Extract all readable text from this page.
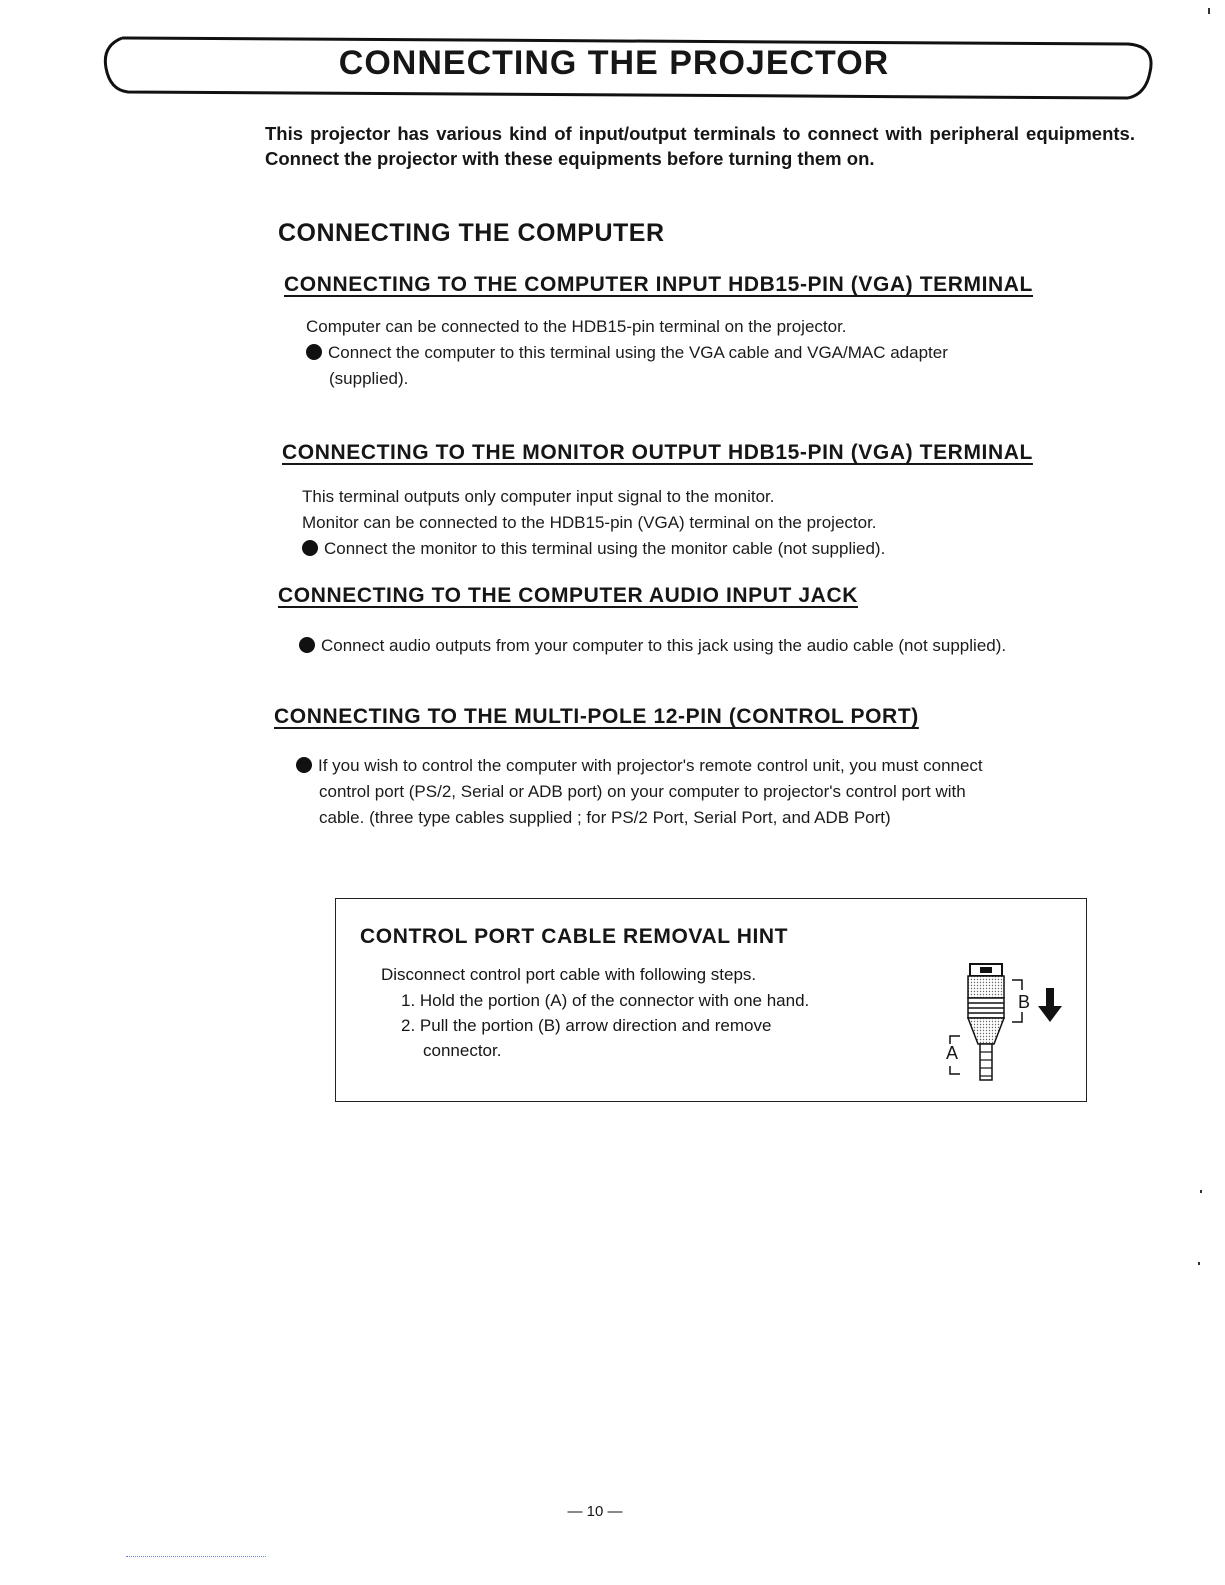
CONNECTING THE PROJECTOR

This projector has various kind of input/output terminals to connect with peripheral equipments. Connect the projector with these equipments before turning them on.

CONNECTING THE COMPUTER
CONNECTING TO THE COMPUTER INPUT HDB15-PIN (VGA) TERMINAL

Computer can be connected to the HDB15-pin terminal on the projector.

Connect the computer to this terminal using the VGA cable and VGA/MAC adapter

(supplied).

CONNECTING TO THE MONITOR OUTPUT HDB15-PIN (VGA) TERMINAL

This terminal outputs only computer input signal to the monitor.

Monitor can be connected to the HDB15-pin (VGA) terminal on the projector.

Connect the monitor to this terminal using the monitor cable (not supplied).

CONNECTING TO THE COMPUTER AUDIO INPUT JACK

Connect audio outputs from your computer to this jack using the audio cable (not supplied).

CONNECTING TO THE MULTI-POLE 12-PIN (CONTROL PORT)

If you wish to control the computer with projector's remote control unit, you must connect

control port (PS/2, Serial or ADB port) on your computer to projector's control port with

cable. (three type cables supplied ; for PS/2 Port, Serial Port, and ADB Port)

CONTROL PORT CABLE REMOVAL HINT

Disconnect control port cable with following steps.

1. Hold the portion (A) of the connector with one hand.

2. Pull the portion (B) arrow direction and remove

connector.

B
A

— 10 —
